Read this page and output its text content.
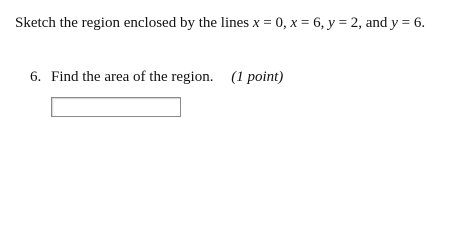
Sketch the region enclosed by the lines x = 0, x = 6, y = 2, and y = 6.

6. Find the area of the region. (1 point)
